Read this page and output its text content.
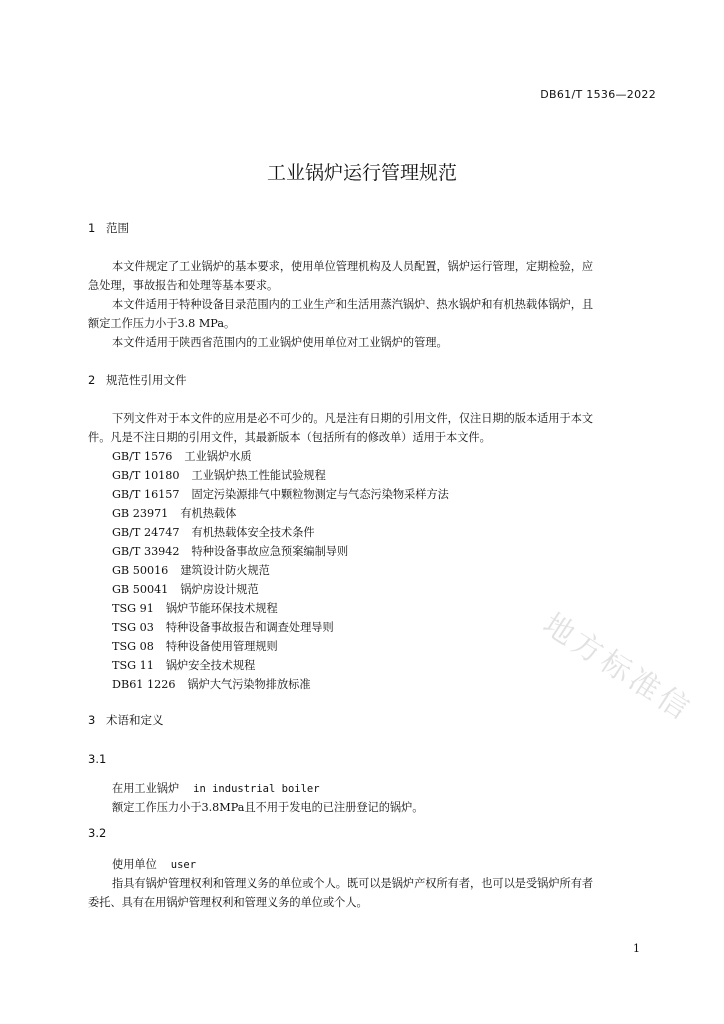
DB61/T 1536—2022
工业锅炉运行管理规范
1 范围
本文件规定了工业锅炉的基本要求，使用单位管理机构及人员配置，锅炉运行管理，定期检验，应
急处理，事故报告和处理等基本要求。
本文件适用于特种设备目录范围内的工业生产和生活用蒸汽锅炉、热水锅炉和有机热载体锅炉，且
额定工作压力小于3.8 MPa。
本文件适用于陕西省范围内的工业锅炉使用单位对工业锅炉的管理。
2 规范性引用文件
下列文件对于本文件的应用是必不可少的。凡是注有日期的引用文件，仅注日期的版本适用于本文
件。凡是不注日期的引用文件，其最新版本（包括所有的修改单）适用于本文件。
GB/T 1576 工业锅炉水质
GB/T 10180 工业锅炉热工性能试验规程
GB/T 16157 固定污染源排气中颗粒物测定与气态污染物采样方法
GB 23971 有机热载体
GB/T 24747 有机热载体安全技术条件
GB/T 33942 特种设备事故应急预案编制导则
GB 50016 建筑设计防火规范
GB 50041 锅炉房设计规范
TSG 91 锅炉节能环保技术规程
TSG 03 特种设备事故报告和调查处理导则
TSG 08 特种设备使用管理规则
TSG 11 锅炉安全技术规程
DB61 1226 锅炉大气污染物排放标准
3 术语和定义
3.1
在用工业锅炉 in industrial boiler
额定工作压力小于3.8MPa且不用于发电的已注册登记的锅炉。
3.2
使用单位 user
指具有锅炉管理权利和管理义务的单位或个人。既可以是锅炉产权所有者，也可以是受锅炉所有者
委托、具有在用锅炉管理权利和管理义务的单位或个人。
地方标准信
1
